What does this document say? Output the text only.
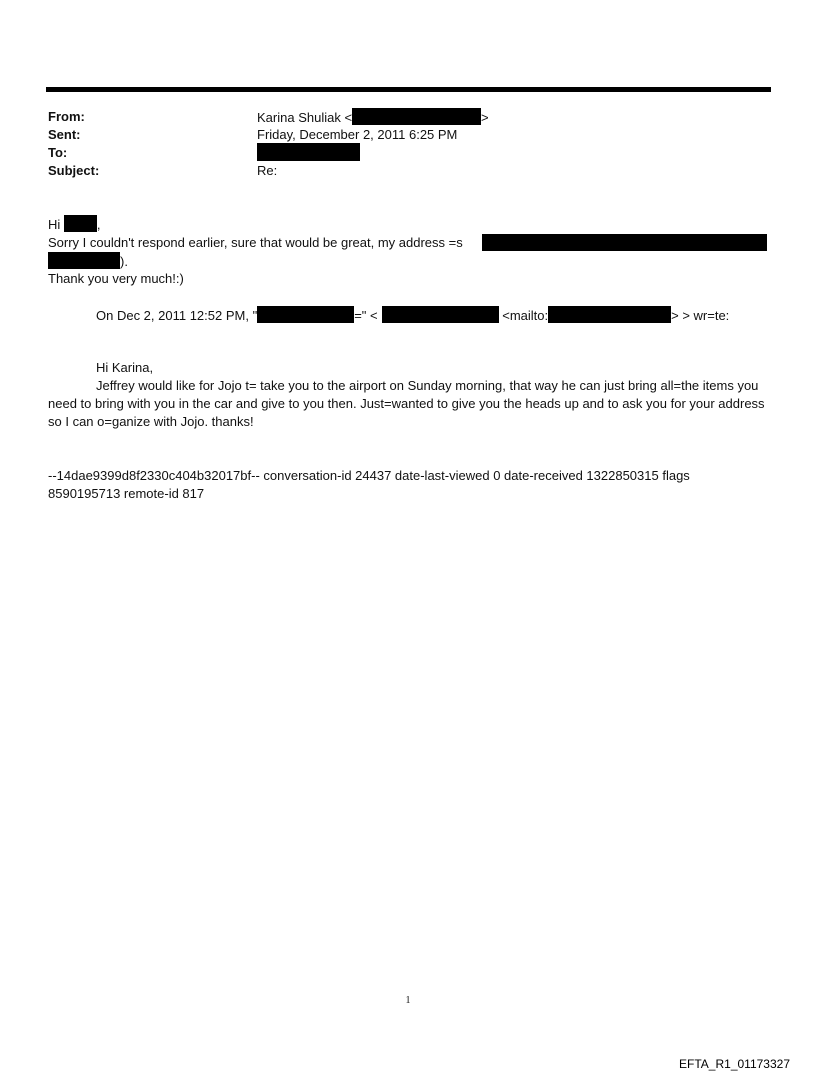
From:	Karina Shuliak <	>
Sent:	Friday, December 2, 2011 6:25 PM
To:
Subject:	Re:
Hi	,
Sorry I couldn't respond earlier, sure that would be great, my address =s
).
Thank you very much!:)
On Dec 2, 2011 12:52 PM, "	=" <	<mailto:	> > wr=te:
Hi Karina,
Jeffrey would like for Jojo t= take you to the airport on Sunday morning, that way he can just bring all=the items you need to bring with you in the car and give to you then. Just=wanted to give you the heads up and to ask you for your address so I can o=ganize with Jojo. thanks!
--14dae9399d8f2330c404b32017bf-- conversation-id 24437 date-last-viewed 0 date-received 1322850315 flags 8590195713 remote-id 817
1
EFTA_R1_01173327
